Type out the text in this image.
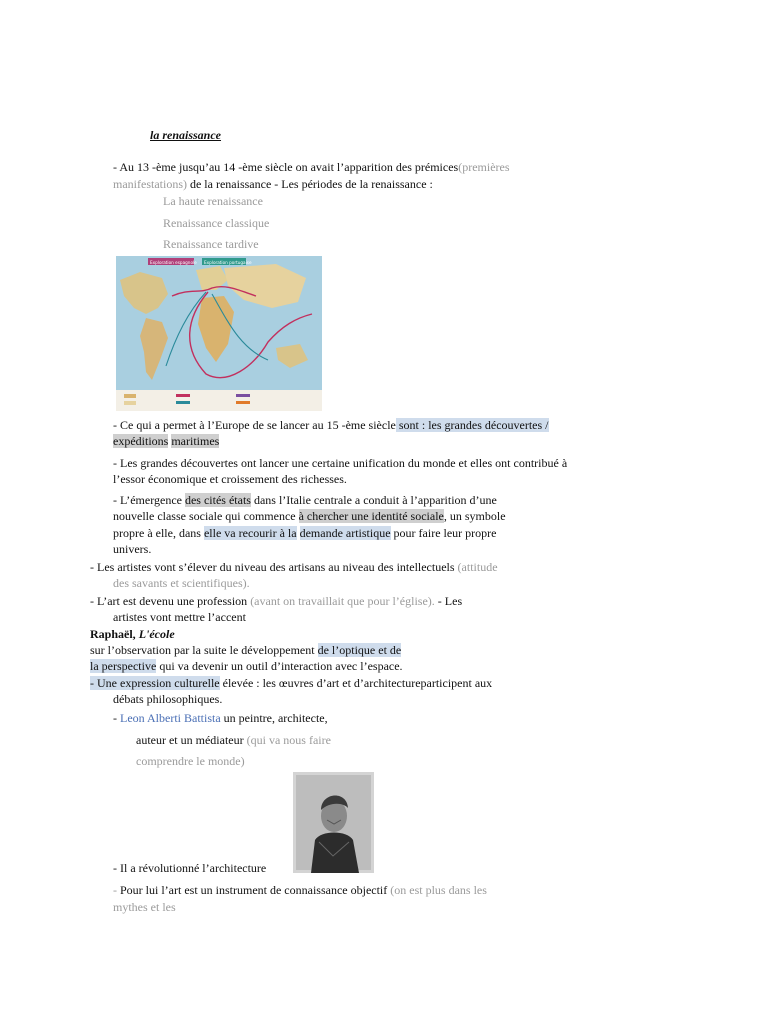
la renaissance
- Au 13 -ème jusqu’au 14 -ème siècle on avait l’apparition des prémices(premières
manifestations) de la renaissance - Les périodes de la renaissance :
La haute renaissance
Renaissance classique
Renaissance tardive
Exploration espagnole Exploration portugaise
- Ce qui a permet à l’Europe de se lancer au 15 -ème siècle sont : les grandes découvertes /
expéditions maritimes
- Les grandes découvertes ont lancer une certaine unification du monde et elles ont contribué à
l’essor économique et croissement des richesses.
- L’émergence des cités états dans l’Italie centrale a conduit à l’apparition d’une
nouvelle classe sociale qui commence à chercher une identité sociale, un symbole
propre à elle, dans elle va recourir à la demande artistique pour faire leur propre
univers.
- Les artistes vont s’élever du niveau des artisans au niveau des intellectuels (attitude
des savants et scientifiques).
- L’art est devenu une profession (avant on travaillait que pour l’église). - Les
artistes vont mettre l’accent
Raphaël, L'école
sur l’observation par la suite le développement de l’optique et de
la perspective qui va devenir un outil d’interaction avec l’espace.
- Une expression culturelle élevée : les œuvres d’art et d’architectureparticipent aux
débats philosophiques.
- Leon Alberti Battista un peintre, architecte,
auteur et un médiateur (qui va nous faire
comprendre le monde)
- Il a révolutionné l’architecture
- Pour lui l’art est un instrument de connaissance objectif (on est plus dans les
mythes et les
